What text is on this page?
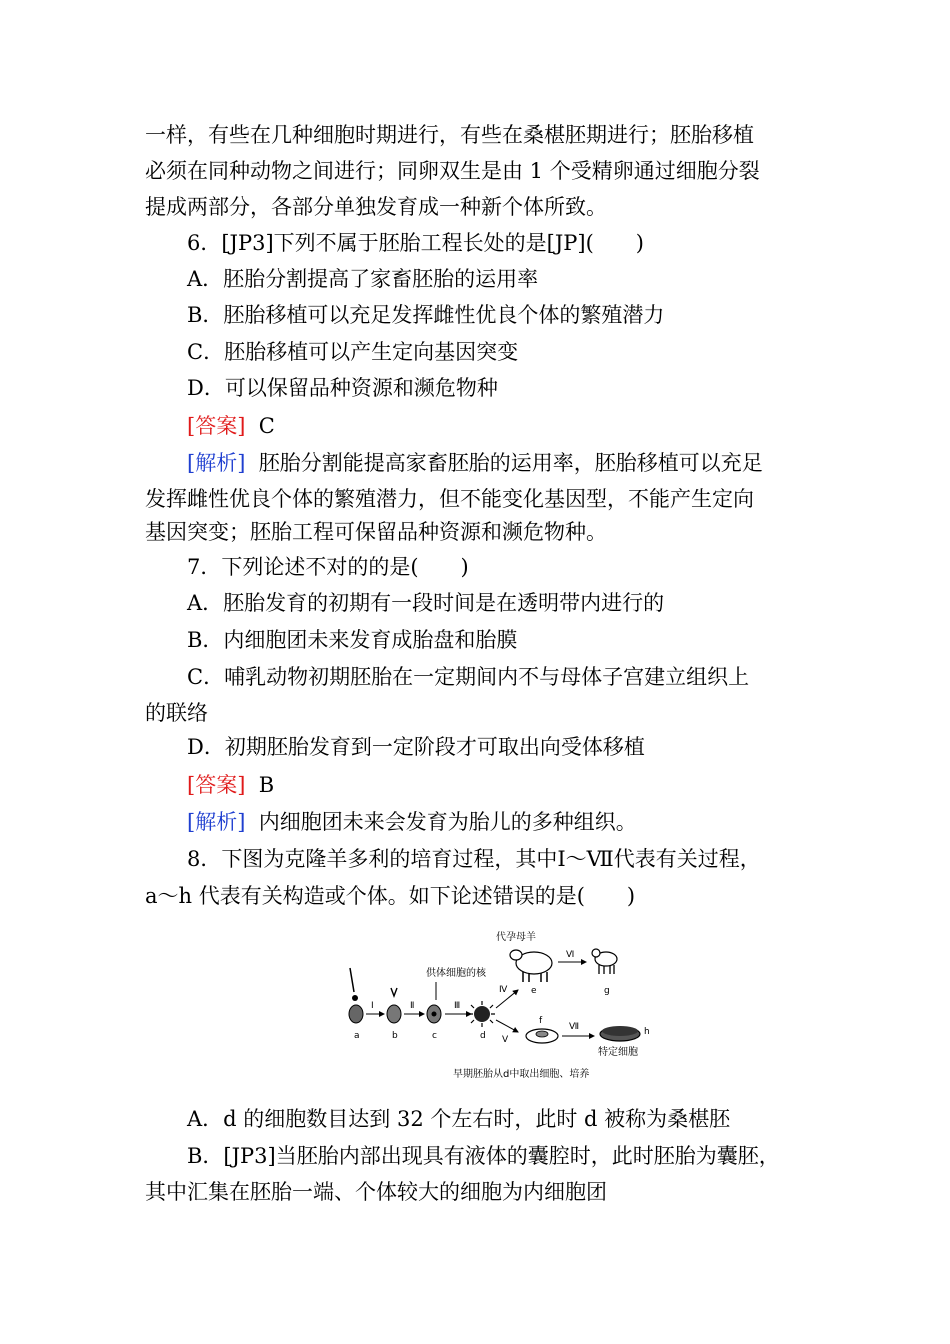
一样，有些在几种细胞时期进行，有些在桑椹胚期进行；胚胎移植
必须在同种动物之间进行；同卵双生是由 1 个受精卵通过细胞分裂
提成两部分，各部分单独发育成一种新个体所致。
6．[JP3]下列不属于胚胎工程长处的是[JP](　　)
A．胚胎分割提高了家畜胚胎的运用率
B．胚胎移植可以充足发挥雌性优良个体的繁殖潜力
C．胚胎移植可以产生定向基因突变
D．可以保留品种资源和濒危物种
[答案] C
[解析] 胚胎分割能提高家畜胚胎的运用率，胚胎移植可以充足
发挥雌性优良个体的繁殖潜力，但不能变化基因型，不能产生定向
基因突变；胚胎工程可保留品种资源和濒危物种。
7．下列论述不对的的是(　　)
A．胚胎发育的初期有一段时间是在透明带内进行的
B．内细胞团未来发育成胎盘和胎膜
C．哺乳动物初期胚胎在一定期间内不与母体子宫建立组织上
的联络
D．初期胚胎发育到一定阶段才可取出向受体移植
[答案] B
[解析] 内细胞团未来会发育为胎儿的多种组织。
8．下图为克隆羊多利的培育过程，其中Ⅰ～Ⅶ代表有关过程，
a～h 代表有关构造或个体。如下论述错误的是(　　)
代孕母羊
供体细胞的核
e
Ⅵ
g
a
Ⅰ
b
Ⅱ
c
Ⅲ
d
Ⅳ
Ⅴ
f
Ⅶ	h
特定细胞
早期胚胎从d中取出细胞、培养
A．d 的细胞数目达到 32 个左右时，此时 d 被称为桑椹胚
B．[JP3]当胚胎内部出现具有液体的囊腔时，此时胚胎为囊胚，
其中汇集在胚胎一端、个体较大的细胞为内细胞团
